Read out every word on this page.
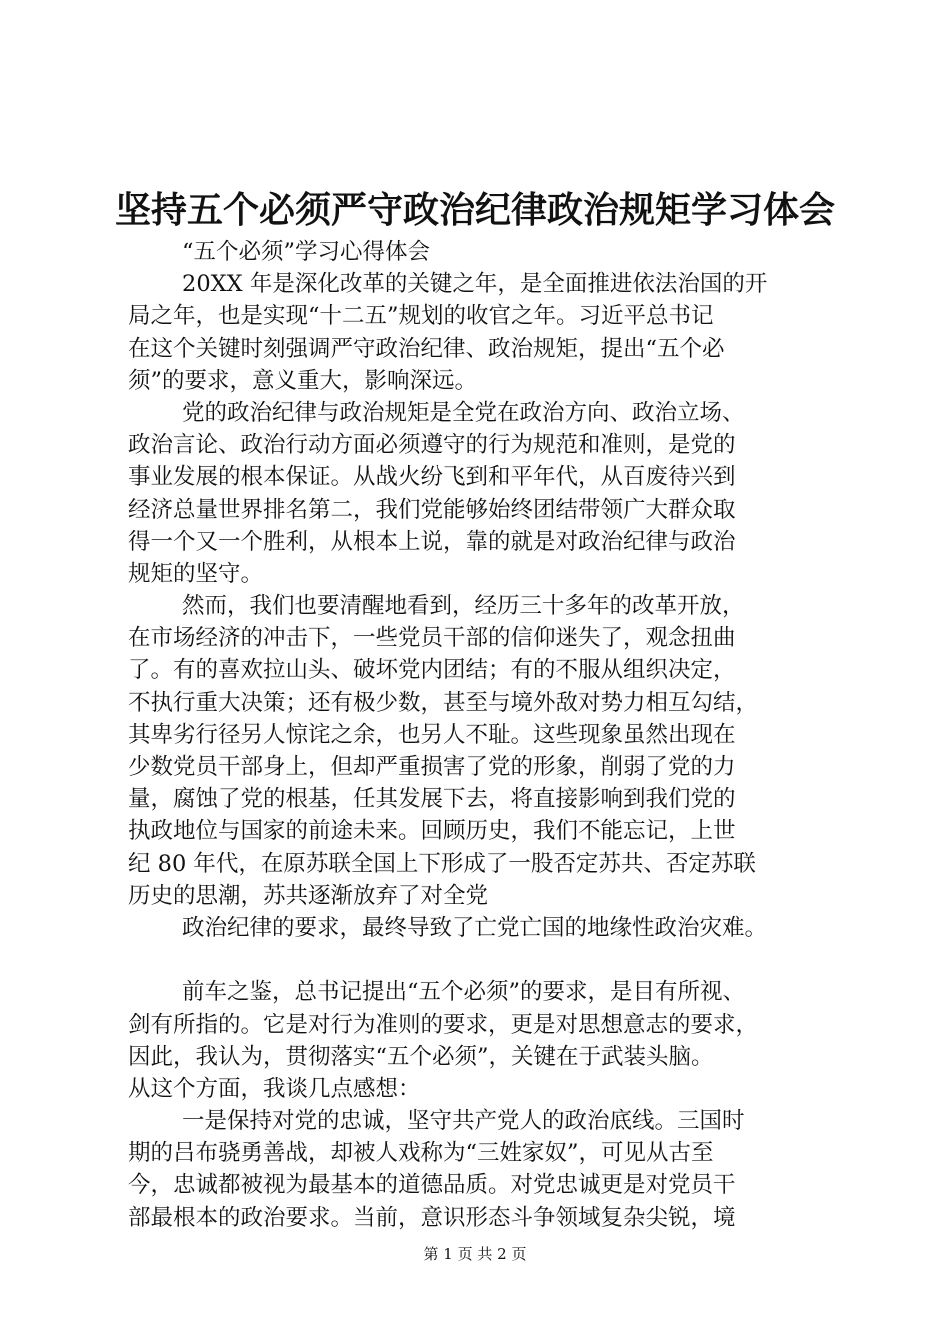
坚持五个必须严守政治纪律政治规矩学习体会
“五个必须”学习心得体会
20XX 年是深化改革的关键之年，是全面推进依法治国的开
局之年，也是实现“十二五”规划的收官之年。习近平总书记
在这个关键时刻强调严守政治纪律、政治规矩，提出“五个必
须”的要求，意义重大，影响深远。
党的政治纪律与政治规矩是全党在政治方向、政治立场、
政治言论、政治行动方面必须遵守的行为规范和准则，是党的
事业发展的根本保证。从战火纷飞到和平年代，从百废待兴到
经济总量世界排名第二，我们党能够始终团结带领广大群众取
得一个又一个胜利，从根本上说，靠的就是对政治纪律与政治
规矩的坚守。
然而，我们也要清醒地看到，经历三十多年的改革开放，
在市场经济的冲击下，一些党员干部的信仰迷失了，观念扭曲
了。有的喜欢拉山头、破坏党内团结；有的不服从组织决定，
不执行重大决策；还有极少数，甚至与境外敌对势力相互勾结，
其卑劣行径另人惊诧之余，也另人不耻。这些现象虽然出现在
少数党员干部身上，但却严重损害了党的形象，削弱了党的力
量，腐蚀了党的根基，任其发展下去，将直接影响到我们党的
执政地位与国家的前途未来。回顾历史，我们不能忘记，上世
纪 80 年代，在原苏联全国上下形成了一股否定苏共、否定苏联
历史的思潮，苏共逐渐放弃了对全党
政治纪律的要求，最终导致了亡党亡国的地缘性政治灾难。
前车之鉴，总书记提出“五个必须”的要求，是目有所视、
剑有所指的。它是对行为准则的要求，更是对思想意志的要求，
因此，我认为，贯彻落实“五个必须”，关键在于武装头脑。
从这个方面，我谈几点感想：
一是保持对党的忠诚，坚守共产党人的政治底线。三国时
期的吕布骁勇善战，却被人戏称为“三姓家奴”，可见从古至
今，忠诚都被视为最基本的道德品质。对党忠诚更是对党员干
部最根本的政治要求。当前，意识形态斗争领域复杂尖锐，境
第 1 页 共 2 页
